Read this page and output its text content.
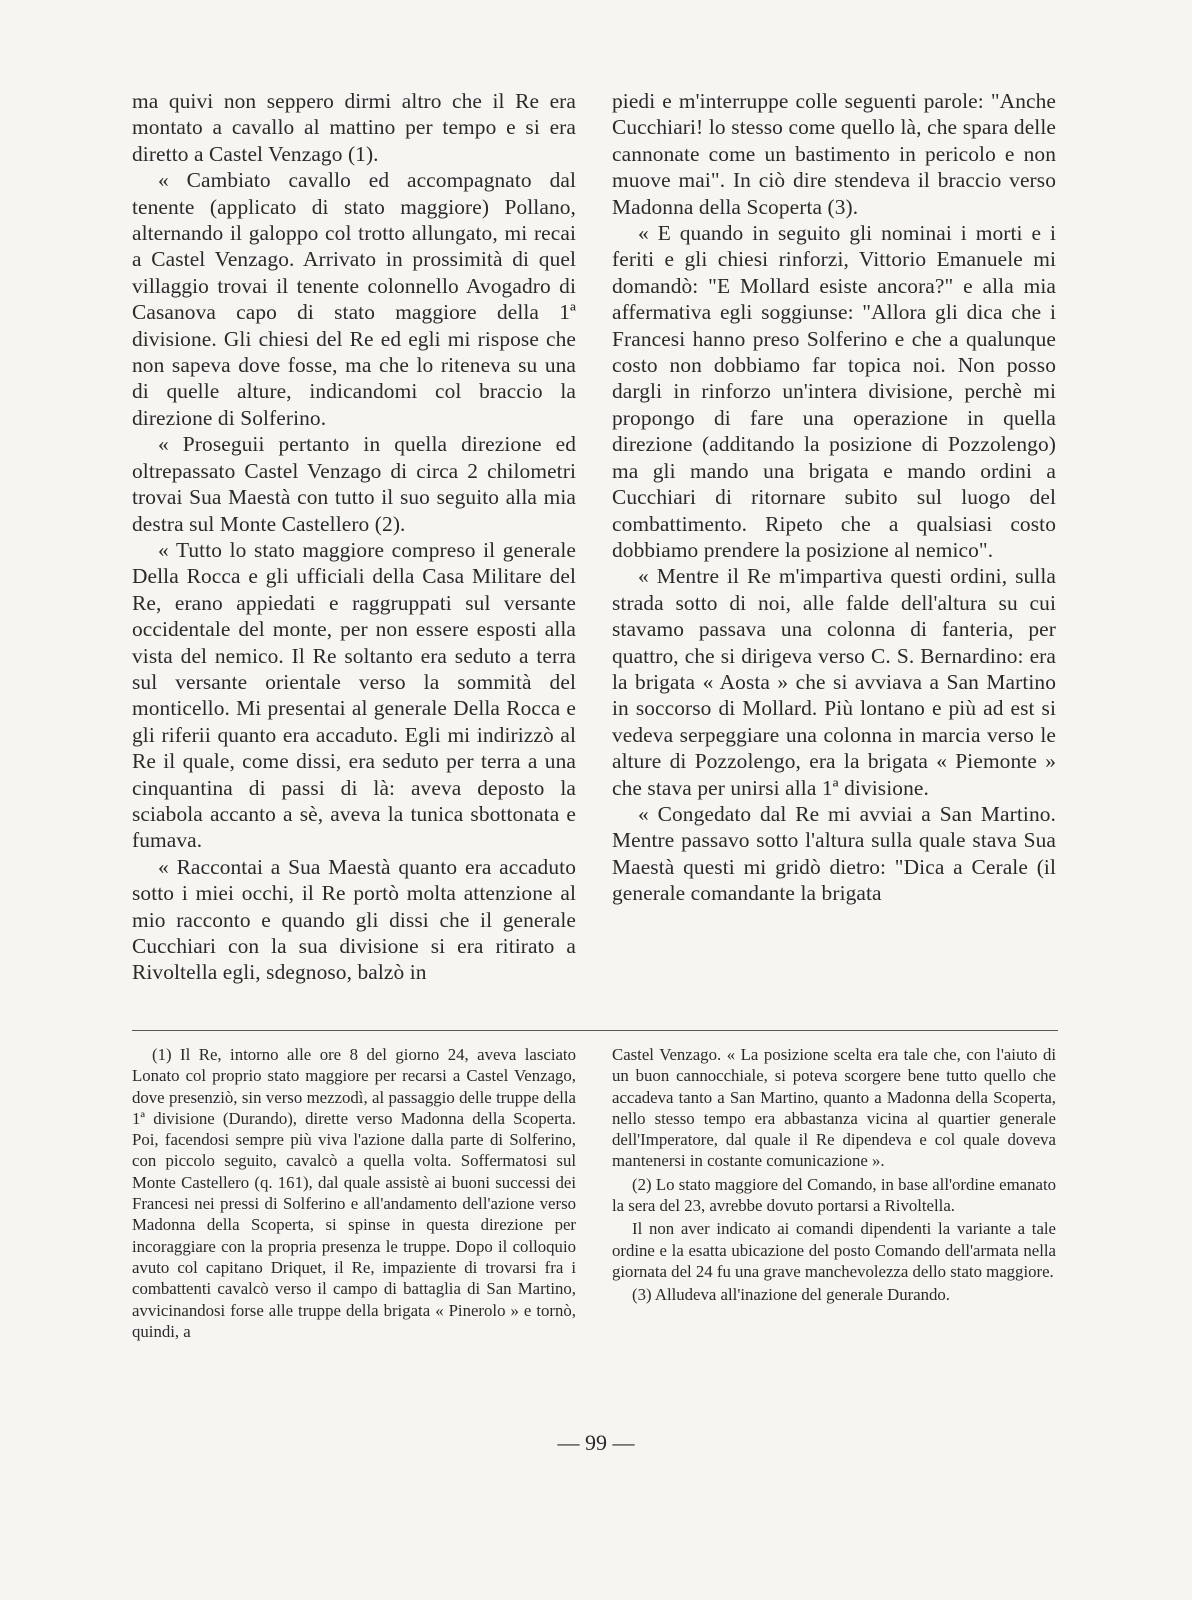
ma quivi non seppero dirmi altro che il Re era montato a cavallo al mattino per tempo e si era diretto a Castel Venzago (1).

« Cambiato cavallo ed accompagnato dal tenente (applicato di stato maggiore) Pollano, alternando il galoppo col trotto allungato, mi recai a Castel Venzago. Arrivato in prossimità di quel villaggio trovai il tenente colonnello Avogadro di Casanova capo di stato maggiore della 1ª divisione. Gli chiesi del Re ed egli mi rispose che non sapeva dove fosse, ma che lo riteneva su una di quelle alture, indicandomi col braccio la direzione di Solferino.

« Proseguii pertanto in quella direzione ed oltrepassato Castel Venzago di circa 2 chilometri trovai Sua Maestà con tutto il suo seguito alla mia destra sul Monte Castellero (2).

« Tutto lo stato maggiore compreso il generale Della Rocca e gli ufficiali della Casa Militare del Re, erano appiedati e raggruppati sul versante occidentale del monte, per non essere esposti alla vista del nemico. Il Re soltanto era seduto a terra sul versante orientale verso la sommità del monticello. Mi presentai al generale Della Rocca e gli riferii quanto era accaduto. Egli mi indirizzò al Re il quale, come dissi, era seduto per terra a una cinquantina di passi di là: aveva deposto la sciabola accanto a sè, aveva la tunica sbottonata e fumava.

« Raccontai a Sua Maestà quanto era accaduto sotto i miei occhi, il Re portò molta attenzione al mio racconto e quando gli dissi che il generale Cucchiari con la sua divisione si era ritirato a Rivoltella egli, sdegnoso, balzò in

piedi e m'interruppe colle seguenti parole: "Anche Cucchiari! lo stesso come quello là, che spara delle cannonate come un bastimento in pericolo e non muove mai". In ciò dire stendeva il braccio verso Madonna della Scoperta (3).

« E quando in seguito gli nominai i morti e i feriti e gli chiesi rinforzi, Vittorio Emanuele mi domandò: "E Mollard esiste ancora?" e alla mia affermativa egli soggiunse: "Allora gli dica che i Francesi hanno preso Solferino e che a qualunque costo non dobbiamo far topica noi. Non posso dargli in rinforzo un'intera divisione, perchè mi propongo di fare una operazione in quella direzione (additando la posizione di Pozzolengo) ma gli mando una brigata e mando ordini a Cucchiari di ritornare subito sul luogo del combattimento. Ripeto che a qualsiasi costo dobbiamo prendere la posizione al nemico".

« Mentre il Re m'impartiva questi ordini, sulla strada sotto di noi, alle falde dell'altura su cui stavamo passava una colonna di fanteria, per quattro, che si dirigeva verso C. S. Bernardino: era la brigata « Aosta » che si avviava a San Martino in soccorso di Mollard. Più lontano e più ad est si vedeva serpeggiare una colonna in marcia verso le alture di Pozzolengo, era la brigata « Piemonte » che stava per unirsi alla 1ª divisione.

« Congedato dal Re mi avviai a San Martino. Mentre passavo sotto l'altura sulla quale stava Sua Maestà questi mi gridò dietro: "Dica a Cerale (il generale comandante la brigata

(1) Il Re, intorno alle ore 8 del giorno 24, aveva lasciato Lonato col proprio stato maggiore per recarsi a Castel Venzago, dove presenziò, sin verso mezzodì, al passaggio delle truppe della 1ª divisione (Durando), dirette verso Madonna della Scoperta. Poi, facendosi sempre più viva l'azione dalla parte di Solferino, con piccolo seguito, cavalcò a quella volta. Soffermatosi sul Monte Castellero (q. 161), dal quale assistè ai buoni successi dei Francesi nei pressi di Solferino e all'andamento dell'azione verso Madonna della Scoperta, si spinse in questa direzione per incoraggiare con la propria presenza le truppe. Dopo il colloquio avuto col capitano Driquet, il Re, impaziente di trovarsi fra i combattenti cavalcò verso il campo di battaglia di San Martino, avvicinandosi forse alle truppe della brigata « Pinerolo » e tornò, quindi, a

Castel Venzago. « La posizione scelta era tale che, con l'aiuto di un buon cannocchiale, si poteva scorgere bene tutto quello che accadeva tanto a San Martino, quanto a Madonna della Scoperta, nello stesso tempo era abbastanza vicina al quartier generale dell'Imperatore, dal quale il Re dipendeva e col quale doveva mantenersi in costante comunicazione ».

(2) Lo stato maggiore del Comando, in base all'ordine emanato la sera del 23, avrebbe dovuto portarsi a Rivoltella.

Il non aver indicato ai comandi dipendenti la variante a tale ordine e la esatta ubicazione del posto Comando dell'armata nella giornata del 24 fu una grave manchevolezza dello stato maggiore.

(3) Alludeva all'inazione del generale Durando.

— 99 —
